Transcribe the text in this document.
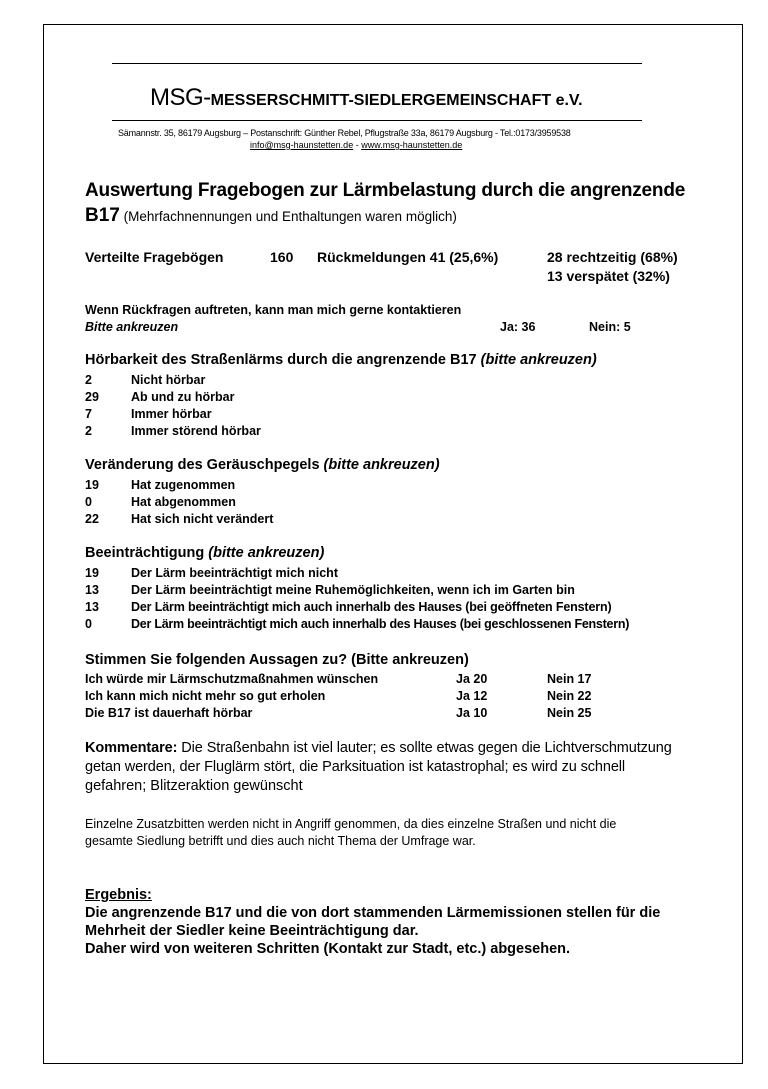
MSG-MESSERSCHMITT-SIEDLERGEMEINSCHAFT e.V.
Sämannstr. 35, 86179 Augsburg – Postanschrift: Günther Rebel, Pflugstraße 33a, 86179 Augsburg - Tel.:0173/3959538
info@msg-haunstetten.de - www.msg-haunstetten.de
Auswertung Fragebogen zur Lärmbelastung durch die angrenzende
B17 (Mehrfachnennungen und Enthaltungen waren möglich)
Verteilte Fragebögen	160 Rückmeldungen 41 (25,6%)	28 rechtzeitig (68%)
13 verspätet (32%)
Wenn Rückfragen auftreten, kann man mich gerne kontaktieren
Bitte ankreuzen	Ja: 36	Nein: 5
Hörbarkeit des Straßenlärms durch die angrenzende B17 (bitte ankreuzen)
2	Nicht hörbar
29	Ab und zu hörbar
7	Immer hörbar
2	Immer störend hörbar
Veränderung des Geräuschpegels (bitte ankreuzen)
19	Hat zugenommen
0	Hat abgenommen
22	Hat sich nicht verändert
Beeinträchtigung (bitte ankreuzen)
19	Der Lärm beeinträchtigt mich nicht
13	Der Lärm beeinträchtigt meine Ruhemöglichkeiten, wenn ich im Garten bin
13	Der Lärm beeinträchtigt mich auch innerhalb des Hauses (bei geöffneten Fenstern)
0	Der Lärm beeinträchtigt mich auch innerhalb des Hauses (bei geschlossenen Fenstern)
Stimmen Sie folgenden Aussagen zu? (Bitte ankreuzen)
Ich würde mir Lärmschutzmaßnahmen wünschen	Ja 20	Nein 17
Ich kann mich nicht mehr so gut erholen	Ja 12	Nein 22
Die B17 ist dauerhaft hörbar	Ja 10	Nein 25
Kommentare: Die Straßenbahn ist viel lauter; es sollte etwas gegen die Lichtverschmutzung
getan werden, der Fluglärm stört, die Parksituation ist katastrophal; es wird zu schnell
gefahren; Blitzeraktion gewünscht
Einzelne Zusatzbitten werden nicht in Angriff genommen, da dies einzelne Straßen und nicht die
gesamte Siedlung betrifft und dies auch nicht Thema der Umfrage war.
Ergebnis:
Die angrenzende B17 und die von dort stammenden Lärmemissionen stellen für die
Mehrheit der Siedler keine Beeinträchtigung dar.
Daher wird von weiteren Schritten (Kontakt zur Stadt, etc.) abgesehen.
